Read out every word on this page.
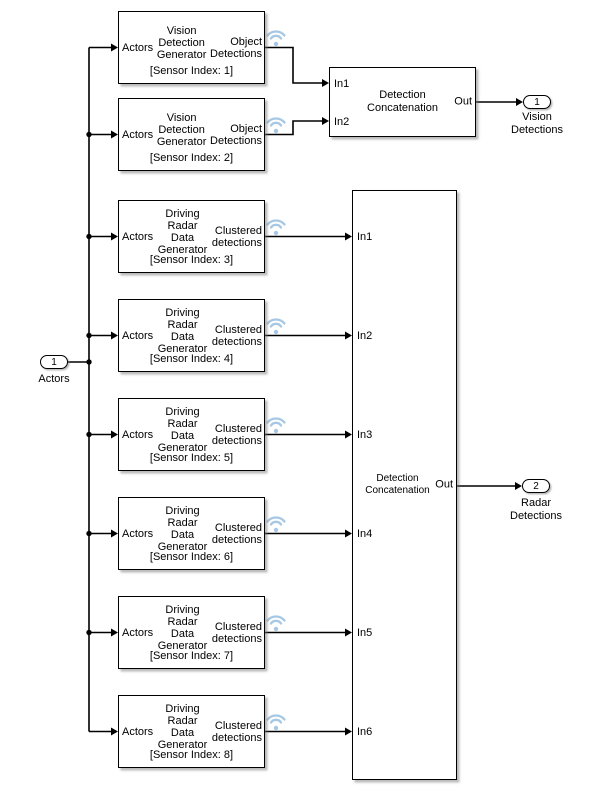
1
Actors
Actors
Vision
Detection
Generator
Object
Detections
[Sensor Index: 1]
Actors
Vision
Detection
Generator
Object
Detections
[Sensor Index: 2]
Actors
Driving
Radar
Data
Generator
Clustered
detections
[Sensor Index: 3]
Actors
Driving
Radar
Data
Generator
Clustered
detections
[Sensor Index: 4]
Actors
Driving
Radar
Data
Generator
Clustered
detections
[Sensor Index: 5]
Actors
Driving
Radar
Data
Generator
Clustered
detections
[Sensor Index: 6]
Actors
Driving
Radar
Data
Generator
Clustered
detections
[Sensor Index: 7]
Actors
Driving
Radar
Data
Generator
Clustered
detections
[Sensor Index: 8]
In1
In2
Detection
Concatenation
Out
In1
In2
In3
In4
In5
In6
Detection
Concatenation Out
1
Vision
Detections
2
Radar
Detections
